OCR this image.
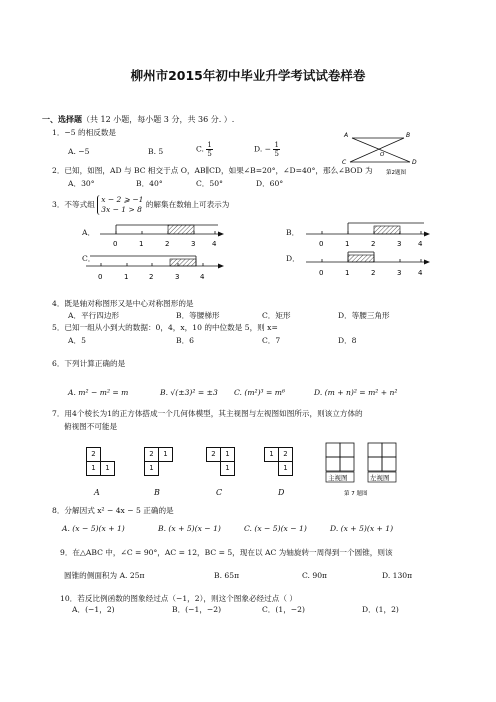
柳州市2015年初中毕业升学考试试卷样卷
一、选择题（共 12 小题，每小题 3 分，共 36 分. ）.
1．−5 的相反数是
A. −5	B. 5	C. $\frac{1}{5}$	D. − $\frac{1}{5}$
A	B
C	D
O
第2题图
2．已知，如图，AD 与 BC 相交于点 O，AB∥CD，如果∠B=20°，∠D=40°，那么∠BOD 为
A．30°	B．40°	C．50°	D．60°
3．不等式组
x − 2 ⩾ −1
3x − 1 > 8
的解集在数轴上可表示为
A．
0	1	2	3 4
B．
0	1	2	3 4
C．
0	1	2	3	4
D．
0	1	2	3 4
4．既是轴对称图形又是中心对称图形的是
A．平行四边形	B．等腰梯形	C．矩形	D．等腰三角形
5．已知一组从小到大的数据：0，4，x，10 的中位数是 5，则 x=
A．5	B．6	C．7	D．8
6．下列计算正确的是
A. m² − m² = m	B. √(±3)² = ±3 C. (m²)³ = m⁶	D. (m + n)² = m² + n²
7．用4个棱长为1的正方体搭成一个几何体模型，其主视图与左视图如图所示，则该立方体的
俯视图不可能是
2	
1	1
A
2	1
1	
B
2	1
	1
C
1	2
	1
D
主视图	左视图
第 7 题图
8．分解因式 x² − 4x − 5 正确的是
A. (x − 5)(x + 1)	B. (x + 5)(x − 1)	C. (x − 5)(x − 1)	D. (x + 5)(x + 1)
9．在△ABC 中，∠C = 90°，AC = 12，BC = 5，现在以 AC 为轴旋转一周得到一个圆锥，则该
圆锥的侧面积为 A. 25π	B. 65π	C. 90π	D. 130π
10．若反比例函数的图象经过点（−1，2），则这个图象必经过点（ ）
A．(−1，2)	B．(−1，−2)	C．(1，−2)	D．(1，2)
